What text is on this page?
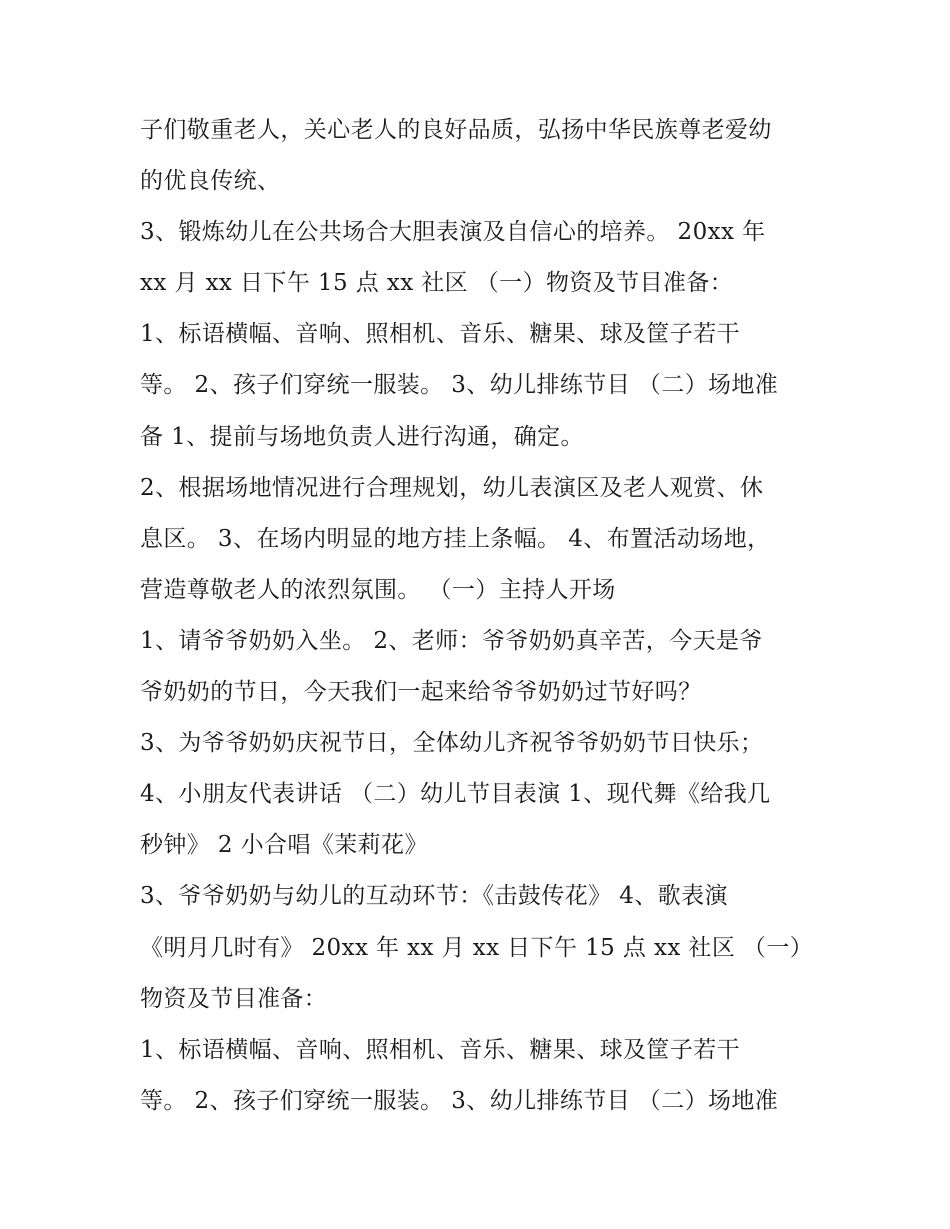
子们敬重老人，关心老人的良好品质，弘扬中华民族尊老爱幼
的优良传统、
3、锻炼幼儿在公共场合大胆表演及自信心的培养。 20xx 年
xx 月 xx 日下午 15 点 xx 社区 （一）物资及节目准备：
1、标语横幅、音响、照相机、音乐、糖果、球及筐子若干
等。 2、孩子们穿统一服装。 3、幼儿排练节目 （二）场地准
备 1、提前与场地负责人进行沟通，确定。
2、根据场地情况进行合理规划，幼儿表演区及老人观赏、休
息区。 3、在场内明显的地方挂上条幅。 4、布置活动场地，
营造尊敬老人的浓烈氛围。 （一）主持人开场
1、请爷爷奶奶入坐。 2、老师：爷爷奶奶真辛苦，今天是爷
爷奶奶的节日，今天我们一起来给爷爷奶奶过节好吗？
3、为爷爷奶奶庆祝节日，全体幼儿齐祝爷爷奶奶节日快乐；
4、小朋友代表讲话 （二）幼儿节目表演 1、现代舞《给我几
秒钟》 2 小合唱《茉莉花》
3、爷爷奶奶与幼儿的互动环节：《击鼓传花》 4、歌表演
《明月几时有》 20xx 年 xx 月 xx 日下午 15 点 xx 社区 （一）
物资及节目准备：
1、标语横幅、音响、照相机、音乐、糖果、球及筐子若干
等。 2、孩子们穿统一服装。 3、幼儿排练节目 （二）场地准
